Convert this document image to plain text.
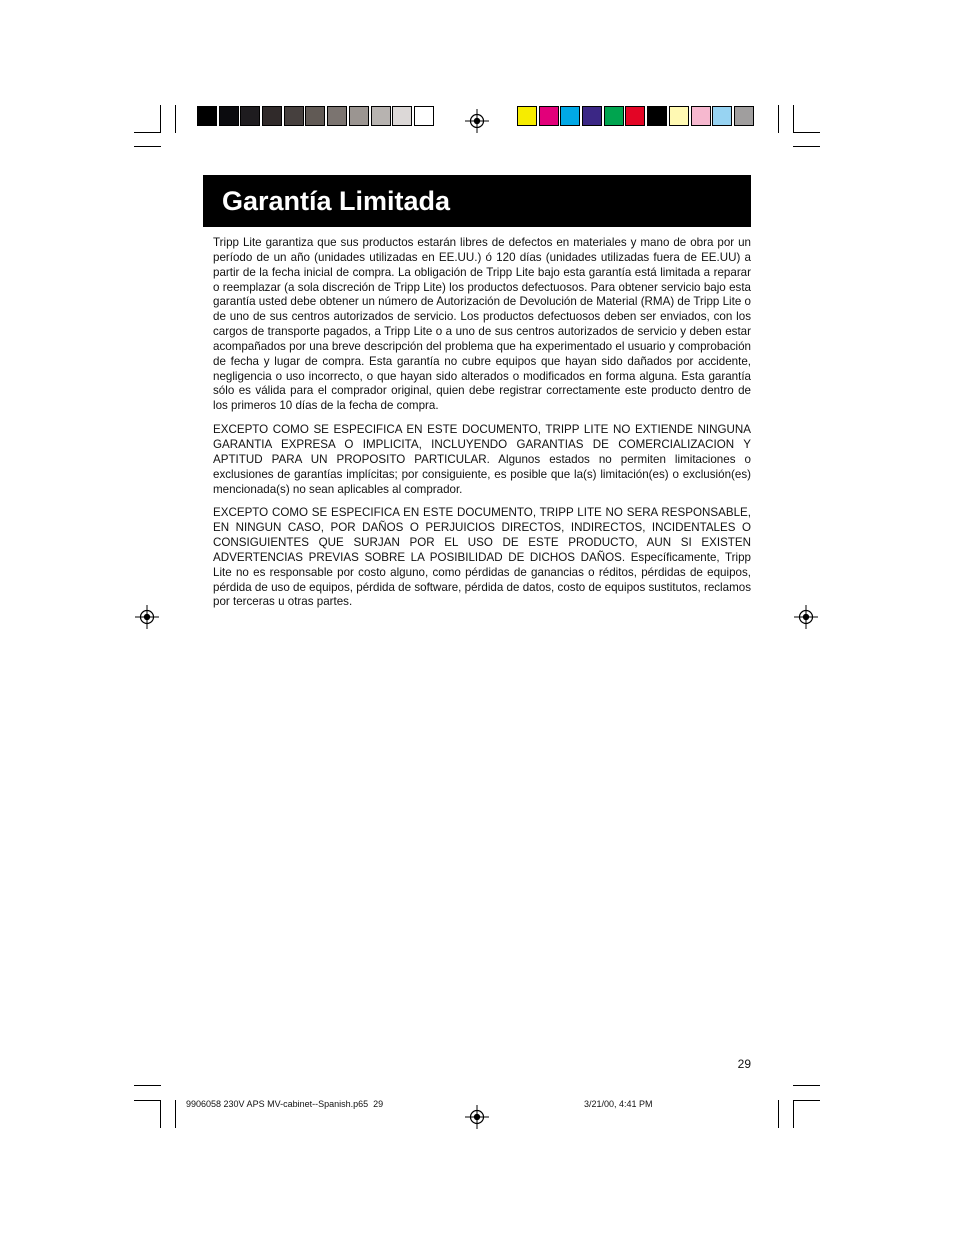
Garantía Limitada

Tripp Lite garantiza que sus productos estarán libres de defectos en materiales y mano de obra por un período de un año (unidades utilizadas en EE.UU.) ó 120 días (unidades utilizadas fuera de EE.UU) a partir de la fecha inicial de compra. La obligación de Tripp Lite bajo esta garantía está limitada a reparar o reemplazar (a sola discreción de Tripp Lite) los productos defectuosos. Para obtener servicio bajo esta garantía usted debe obtener un número de Autorización de Devolución de Material (RMA) de Tripp Lite o de uno de sus centros autorizados de servicio. Los productos defectuosos deben ser enviados, con los cargos de transporte pagados, a Tripp Lite o a uno de sus centros autorizados de servicio y deben estar acompañados por una breve descripción del problema que ha experimentado el usuario y comprobación de fecha y lugar de compra. Esta garantía no cubre equipos que hayan sido dañados por accidente, negligencia o uso incorrecto, o que hayan sido alterados o modificados en forma alguna. Esta garantía sólo es válida para el comprador original, quien debe registrar correctamente este producto dentro de los primeros 10 días de la fecha de compra.

EXCEPTO COMO SE ESPECIFICA EN ESTE DOCUMENTO, TRIPP LITE NO EXTIENDE NINGUNA GARANTIA EXPRESA O IMPLICITA, INCLUYENDO GARANTIAS DE COMERCIALIZACION Y APTITUD PARA UN PROPOSITO PARTICULAR. Algunos estados no permiten limitaciones o exclusiones de garantías implícitas; por consiguiente, es posible que la(s) limitación(es) o exclusión(es) mencionada(s) no sean aplicables al comprador.

EXCEPTO COMO SE ESPECIFICA EN ESTE DOCUMENTO, TRIPP LITE NO SERA RESPONSABLE, EN NINGUN CASO, POR DAÑOS O PERJUICIOS DIRECTOS, INDIRECTOS, INCIDENTALES O CONSIGUIENTES QUE SURJAN POR EL USO DE ESTE PRODUCTO, AUN SI EXISTEN ADVERTENCIAS PREVIAS SOBRE LA POSIBILIDAD DE DICHOS DAÑOS. Específicamente, Tripp Lite no es responsable por costo alguno, como pérdidas de ganancias o réditos, pérdidas de equipos, pérdida de uso de equipos, pérdida de software, pérdida de datos, costo de equipos sustitutos, reclamos por terceras u otras partes.

29
9906058 230V APS MV-cabinet--Spanish.p65 29	3/21/00, 4:41 PM
